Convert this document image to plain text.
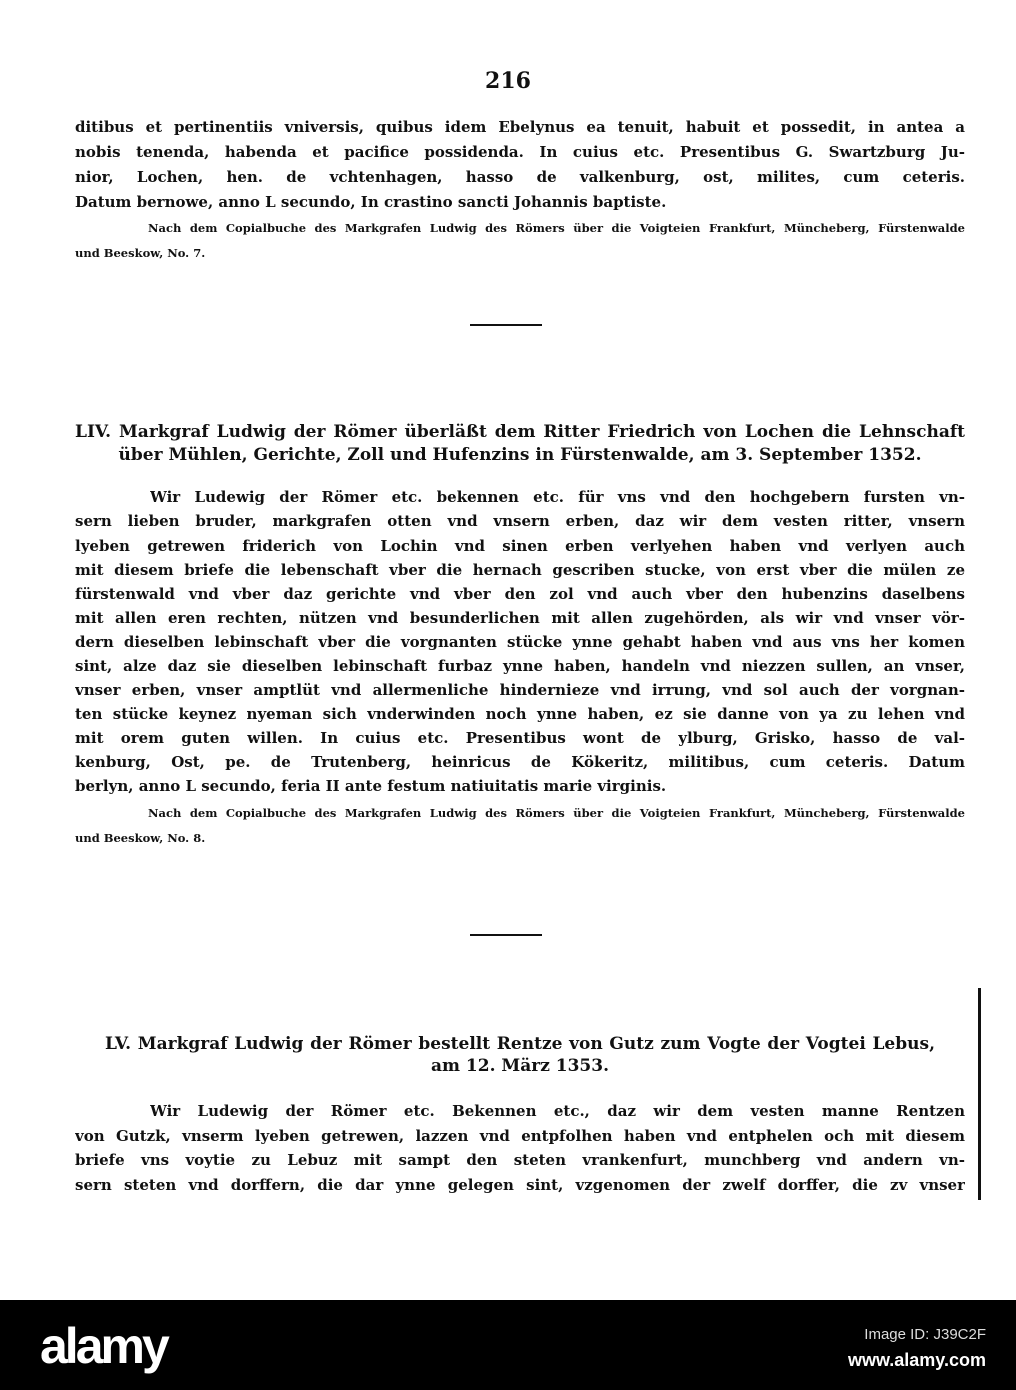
216
ditibus et pertinentiis vniversis, quibus idem Ebelynus ea tenuit, habuit et possedit, in antea a
nobis tenenda, habenda et pacifice possidenda. In cuius etc. Presentibus G. Swartzburg Ju-
nior, Lochen, hen. de vchtenhagen, hasso de valkenburg, ost, milites, cum ceteris.
Datum bernowe, anno L secundo, In crastino sancti Johannis baptiste.
Nach dem Copialbuche des Markgrafen Ludwig des Römers über die Voigteien Frankfurt, Müncheberg, Fürstenwalde
und Beeskow, No. 7.
LIV. Markgraf Ludwig der Römer überläßt dem Ritter Friedrich von Lochen die Lehnschaft
über Mühlen, Gerichte, Zoll und Hufenzins in Fürstenwalde, am 3. September 1352.
Wir Ludewig der Römer etc. bekennen etc. für vns vnd den hochgebern fursten vn-
sern lieben bruder, markgrafen otten vnd vnsern erben, daz wir dem vesten ritter, vnsern
lyeben getrewen friderich von Lochin vnd sinen erben verlyehen haben vnd verlyen auch
mit diesem briefe die lebenschaft vber die hernach gescriben stucke, von erst vber die mülen ze
fürstenwald vnd vber daz gerichte vnd vber den zol vnd auch vber den hubenzins daselbens
mit allen eren rechten, nützen vnd besunderlichen mit allen zugehörden, als wir vnd vnser vör-
dern dieselben lebinschaft vber die vorgnanten stücke ynne gehabt haben vnd aus vns her komen
sint, alze daz sie dieselben lebinschaft furbaz ynne haben, handeln vnd niezzen sullen, an vnser,
vnser erben, vnser amptlüt vnd allermenliche hindernieze vnd irrung, vnd sol auch der vorgnan-
ten stücke keynez nyeman sich vnderwinden noch ynne haben, ez sie danne von ya zu lehen vnd
mit orem guten willen. In cuius etc. Presentibus wont de ylburg, Grisko, hasso de val-
kenburg, Ost, pe. de Trutenberg, heinricus de Kökeritz, militibus, cum ceteris. Datum
berlyn, anno L secundo, feria II ante festum natiuitatis marie virginis.
Nach dem Copialbuche des Markgrafen Ludwig des Römers über die Voigteien Frankfurt, Müncheberg, Fürstenwalde
und Beeskow, No. 8.
LV. Markgraf Ludwig der Römer bestellt Rentze von Gutz zum Vogte der Vogtei Lebus,
am 12. März 1353.
Wir Ludewig der Römer etc. Bekennen etc., daz wir dem vesten manne Rentzen
von Gutzk, vnserm lyeben getrewen, lazzen vnd entpfolhen haben vnd entphelen och mit diesem
briefe vns voytie zu Lebuz mit sampt den steten vrankenfurt, munchberg vnd andern vn-
sern steten vnd dorffern, die dar ynne gelegen sint, vzgenomen der zwelf dorffer, die zv vnser
alamy	Image ID: J39C2F
www.alamy.com
